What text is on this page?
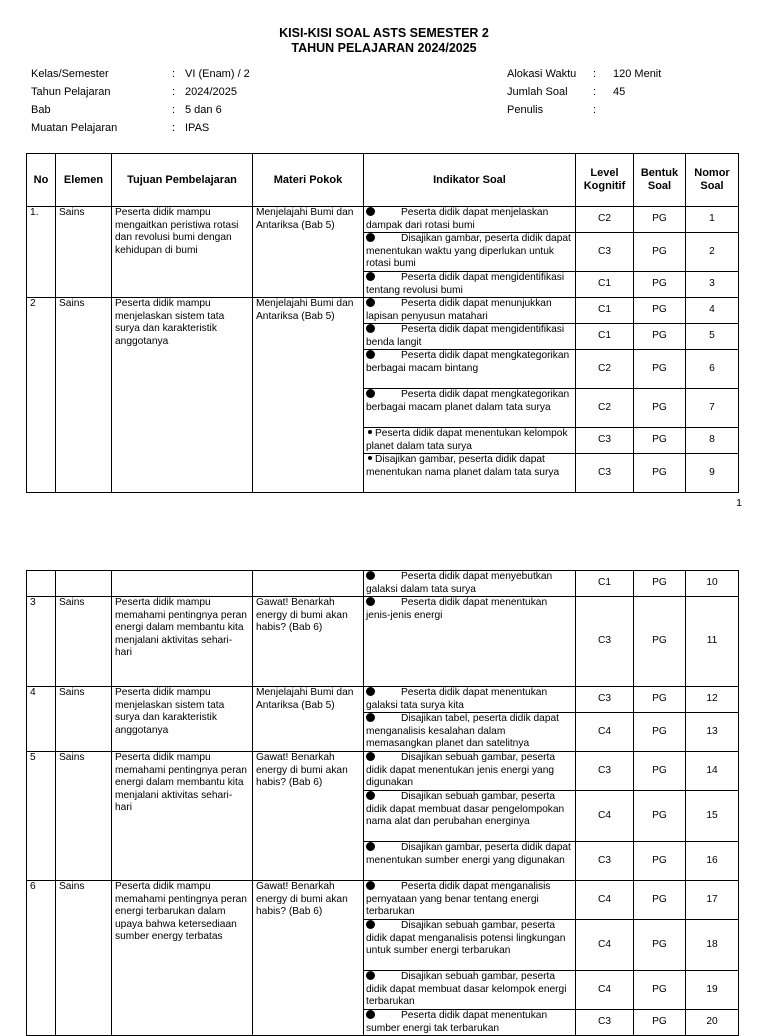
KISI-KISI SOAL ASTS SEMESTER 2
TAHUN PELAJARAN 2024/2025
Kelas/Semester	: VI (Enam) / 2
Tahun Pelajaran	: 2024/2025
Bab	: 5 dan 6
Muatan Pelajaran	: IPAS
Alokasi Waktu : 120 Menit
Jumlah Soal : 45
Penulis	:
No	Elemen	Tujuan Pembelajaran	Materi Pokok	Indikator Soal	Level Kognitif	Bentuk Soal	Nomor Soal
1.	Sains	Peserta didik mampu mengaitkan peristiwa rotasi dan revolusi bumi dengan kehidupan di bumi	Menjelajahi Bumi dan Antariksa (Bab 5)	Peserta didik dapat menjelaskan dampak dari rotasi bumi	C2	PG	1
				Disajikan gambar, peserta didik dapat menentukan waktu yang diperlukan untuk rotasi bumi	C3	PG	2
				Peserta didik dapat mengidentifikasi tentang revolusi bumi	C1	PG	3
2	Sains	Peserta didik mampu menjelaskan sistem tata surya dan karakteristik anggotanya	Menjelajahi Bumi dan Antariksa (Bab 5)	Peserta didik dapat menunjukkan lapisan penyusun matahari	C1	PG	4
				Peserta didik dapat mengidentifikasi benda langit	C1	PG	5
				Peserta didik dapat mengkategorikan berbagai macam bintang	C2	PG	6
				Peserta didik dapat mengkategorikan berbagai macam planet dalam tata surya	C2	PG	7
				Peserta didik dapat menentukan kelompok planet dalam tata surya	C3	PG	8
				Disajikan gambar, peserta didik dapat menentukan nama planet dalam tata surya	C3	PG	9
1
				Peserta didik dapat menyebutkan galaksi dalam tata surya	C1	PG	10
3	Sains	Peserta didik mampu memahami pentingnya peran energi dalam membantu kita menjalani aktivitas sehari-hari	Gawat! Benarkah energy di bumi akan habis? (Bab 6)	Peserta didik dapat menentukan jenis-jenis energi	C3	PG	11
4	Sains	Peserta didik mampu menjelaskan sistem tata surya dan karakteristik anggotanya	Menjelajahi Bumi dan Antariksa (Bab 5)	Peserta didik dapat menentukan galaksi tata surya kita	C3	PG	12
				Disajikan tabel, peserta didik dapat menganalisis kesalahan dalam memasangkan planet dan satelitnya	C4	PG	13
5	Sains	Peserta didik mampu memahami pentingnya peran energi dalam membantu kita menjalani aktivitas sehari-hari	Gawat! Benarkah energy di bumi akan habis? (Bab 6)	Disajikan sebuah gambar, peserta didik dapat menentukan jenis energi yang digunakan	C3	PG	14
				Disajikan sebuah gambar, peserta didik dapat membuat dasar pengelompokan nama alat dan perubahan energinya	C4	PG	15
				Disajikan gambar, peserta didik dapat menentukan sumber energi yang digunakan	C3	PG	16
6	Sains	Peserta didik mampu memahami pentingnya peran energi terbarukan dalam upaya bahwa ketersediaan sumber energy terbatas	Gawat! Benarkah energy di bumi akan habis? (Bab 6)	Peserta didik dapat menganalisis pernyataan yang benar tentang energi terbarukan	C4	PG	17
				Disajikan sebuah gambar, peserta didik dapat menganalisis potensi lingkungan untuk sumber energi terbarukan	C4	PG	18
				Disajikan sebuah gambar, peserta didik dapat membuat dasar kelompok energi terbarukan	C4	PG	19
				Peserta didik dapat menentukan sumber energi tak terbarukan	C3	PG	20
